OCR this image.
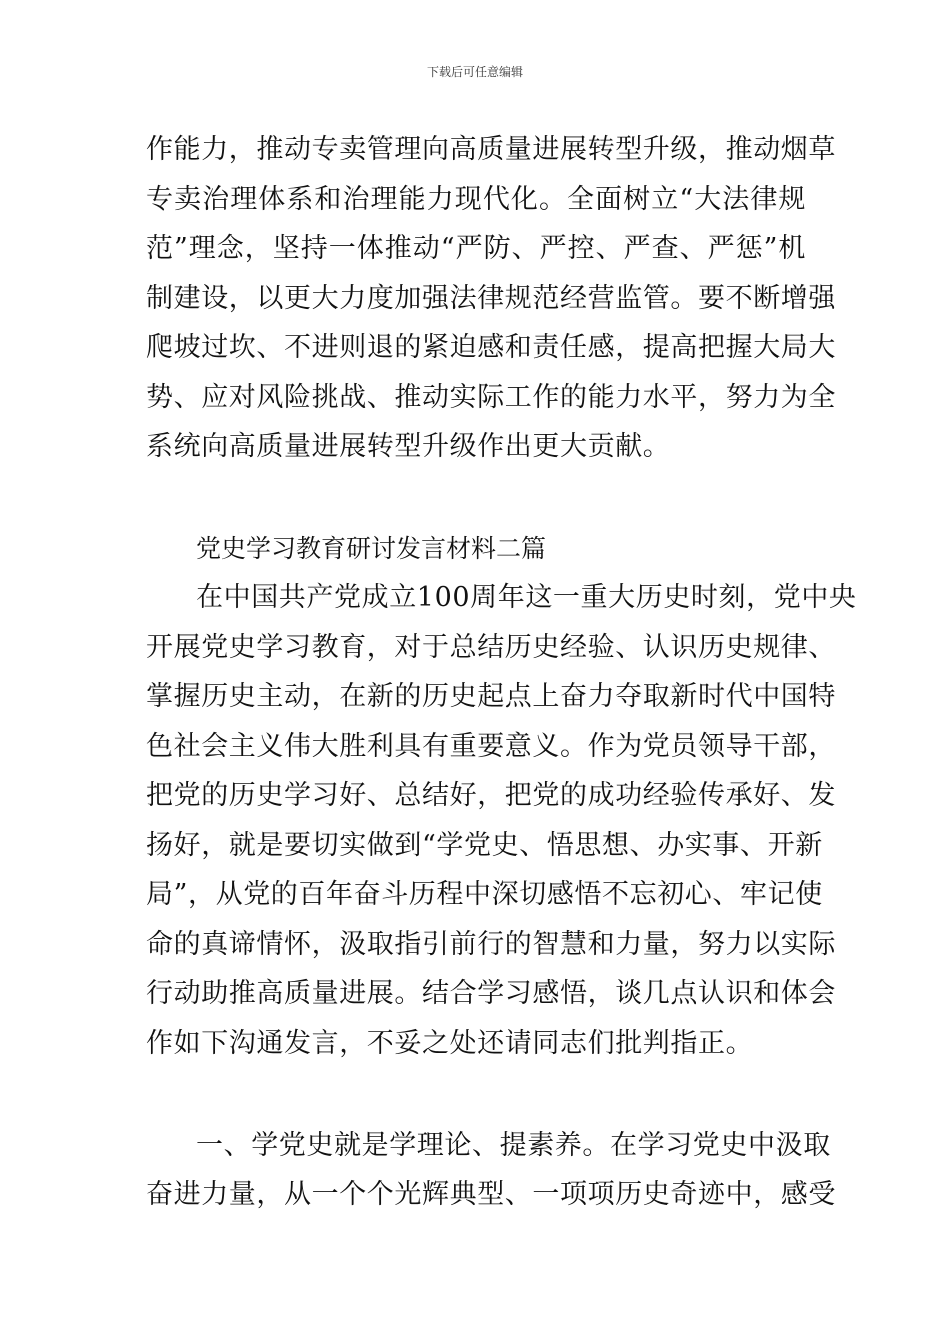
下载后可任意编辑
作能力，推动专卖管理向高质量进展转型升级，推动烟草
专卖治理体系和治理能力现代化。全面树立“大法律规
范”理念，坚持一体推动“严防、严控、严查、严惩”机
制建设，以更大力度加强法律规范经营监管。要不断增强
爬坡过坎、不进则退的紧迫感和责任感，提高把握大局大
势、应对风险挑战、推动实际工作的能力水平，努力为全
系统向高质量进展转型升级作出更大贡献。
党史学习教育研讨发言材料二篇
在中国共产党成立100周年这一重大历史时刻，党中央
开展党史学习教育，对于总结历史经验、认识历史规律、
掌握历史主动，在新的历史起点上奋力夺取新时代中国特
色社会主义伟大胜利具有重要意义。作为党员领导干部，
把党的历史学习好、总结好，把党的成功经验传承好、发
扬好，就是要切实做到“学党史、悟思想、办实事、开新
局”，从党的百年奋斗历程中深切感悟不忘初心、牢记使
命的真谛情怀，汲取指引前行的智慧和力量，努力以实际
行动助推高质量进展。结合学习感悟，谈几点认识和体会
作如下沟通发言，不妥之处还请同志们批判指正。
一、学党史就是学理论、提素养。在学习党史中汲取
奋进力量，从一个个光辉典型、一项项历史奇迹中，感受
